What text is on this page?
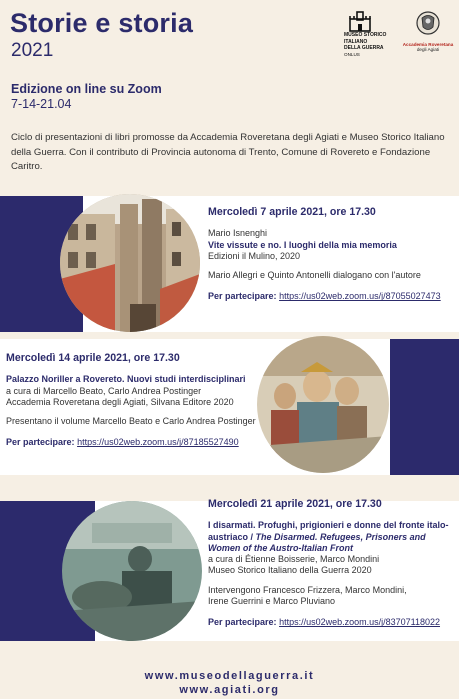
Storie e storia
2021
Edizione on line su Zoom
7-14-21.04
Ciclo di presentazioni di libri promosse da Accademia Roveretana degli Agiati e Museo Storico Italiano della Guerra. Con il contributo di Provincia autonoma di Trento, Comune di Rovereto e Fondazione Caritro.
MUSEO STORICO
ITALIANO
DELLA GUERRA
ONLUS
Accademia Roveretana
degli Agiati
Mercoledì 7 aprile 2021, ore 17.30
Mario Isnenghi
Vite vissute e no. I luoghi della mia memoria
Edizioni il Mulino, 2020
Mario Allegri e Quinto Antonelli dialogano con l'autore
Per partecipare: https://us02web.zoom.us/j/87055027473
Mercoledì 14 aprile 2021, ore 17.30
Palazzo Noriller a Rovereto. Nuovi studi interdisciplinari
a cura di Marcello Beato, Carlo Andrea Postinger
Accademia Roveretana degli Agiati, Silvana Editore 2020
Presentano il volume Marcello Beato e Carlo Andrea Postinger
Per partecipare: https://us02web.zoom.us/j/87185527490
Mercoledì 21 aprile 2021, ore 17.30
I disarmati. Profughi, prigionieri e donne del fronte italo-austriaco / The Disarmed. Refugees, Prisoners and Women of the Austro-Italian Front
a cura di Étienne Boisserie, Marco Mondini
Museo Storico Italiano della Guerra 2020
Intervengono Francesco Frizzera, Marco Mondini,
Irene Guerrini e Marco Pluviano
Per partecipare: https://us02web.zoom.us/j/83707118022
www.museodellaguerra.it
www.agiati.org
